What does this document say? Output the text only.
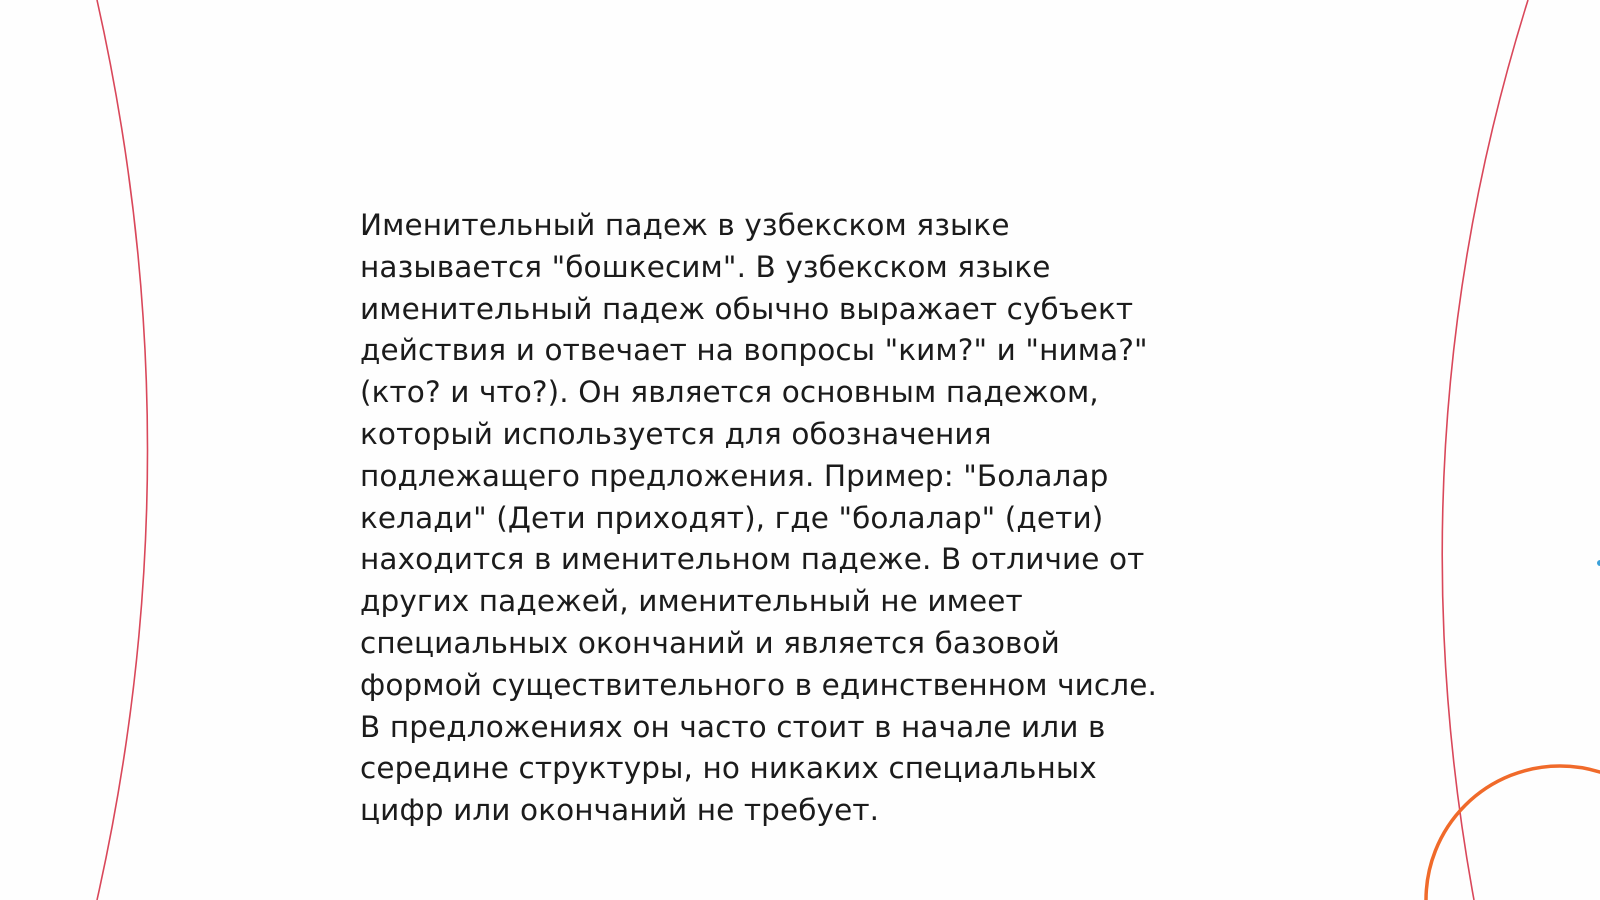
Именительный падеж в узбекском языке
называется "бошкесим". В узбекском языке
именительный падеж обычно выражает субъект
действия и отвечает на вопросы "ким?" и "нима?"
(кто? и что?). Он является основным падежом,
который используется для обозначения
подлежащего предложения. Пример: "Болалар
келади" (Дети приходят), где "болалар" (дети)
находится в именительном падеже. В отличие от
других падежей, именительный не имеет
специальных окончаний и является базовой
формой существительного в единственном числе.
В предложениях он часто стоит в начале или в
середине структуры, но никаких специальных
цифр или окончаний не требует.
